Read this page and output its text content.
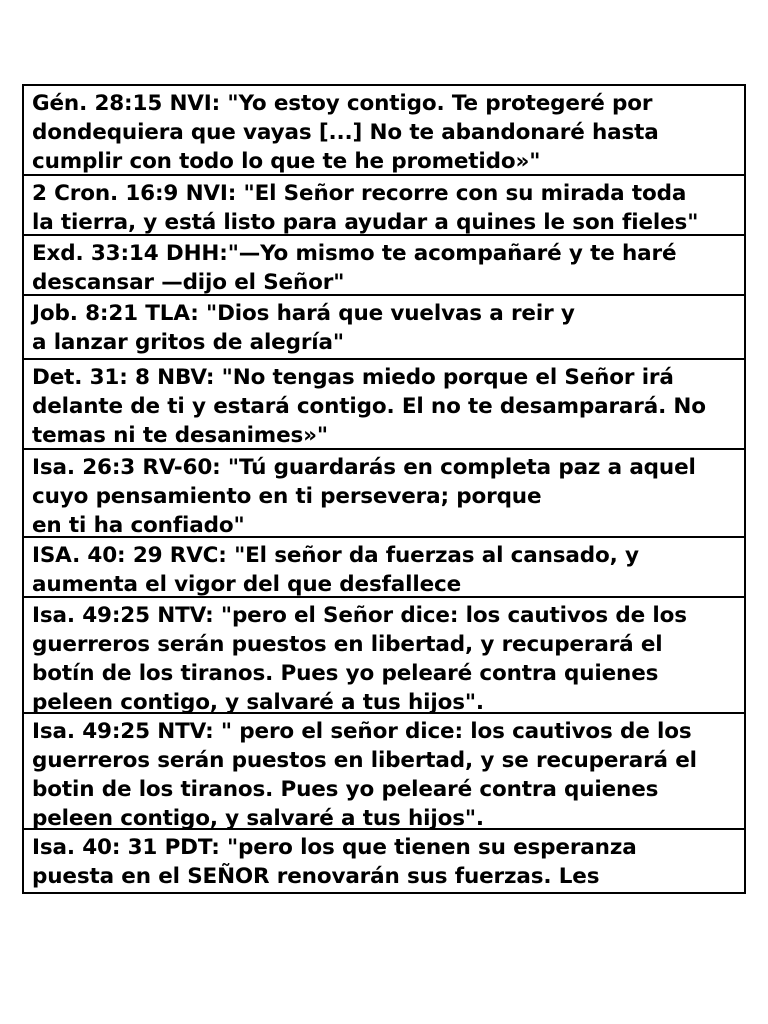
Gén. 28:15 NVI: "Yo estoy contigo. Te protegeré por
dondequiera que vayas [...] No te abandonaré hasta
cumplir con todo lo que te he prometido»"
2 Cron. 16:9 NVI: "El Señor recorre con su mirada toda
la tierra, y está listo para ayudar a quines le son fieles"
Exd. 33:14 DHH:"—Yo mismo te acompañaré y te haré
descansar —dijo el Señor"
Job. 8:21 TLA: "Dios hará que vuelvas a reir y
a lanzar gritos de alegría"
Det. 31: 8 NBV: "No tengas miedo porque el Señor irá
delante de ti y estará contigo. El no te desamparará. No
temas ni te desanimes»"
Isa. 26:3 RV-60: "Tú guardarás en completa paz a aquel
cuyo pensamiento en ti persevera; porque
en ti ha confiado"
ISA. 40: 29 RVC: "El señor da fuerzas al cansado, y
aumenta el vigor del que desfallece
Isa. 49:25 NTV: "pero el Señor dice: los cautivos de los
guerreros serán puestos en libertad, y recuperará el
botín de los tiranos. Pues yo pelearé contra quienes
peleen contigo, y salvaré a tus hijos".
Isa. 49:25 NTV: " pero el señor dice: los cautivos de los
guerreros serán puestos en libertad, y se recuperará el
botin de los tiranos. Pues yo pelearé contra quienes
peleen contigo, y salvaré a tus hijos".
Isa. 40: 31 PDT: "pero los que tienen su esperanza
puesta en el SEÑOR renovarán sus fuerzas. Les
